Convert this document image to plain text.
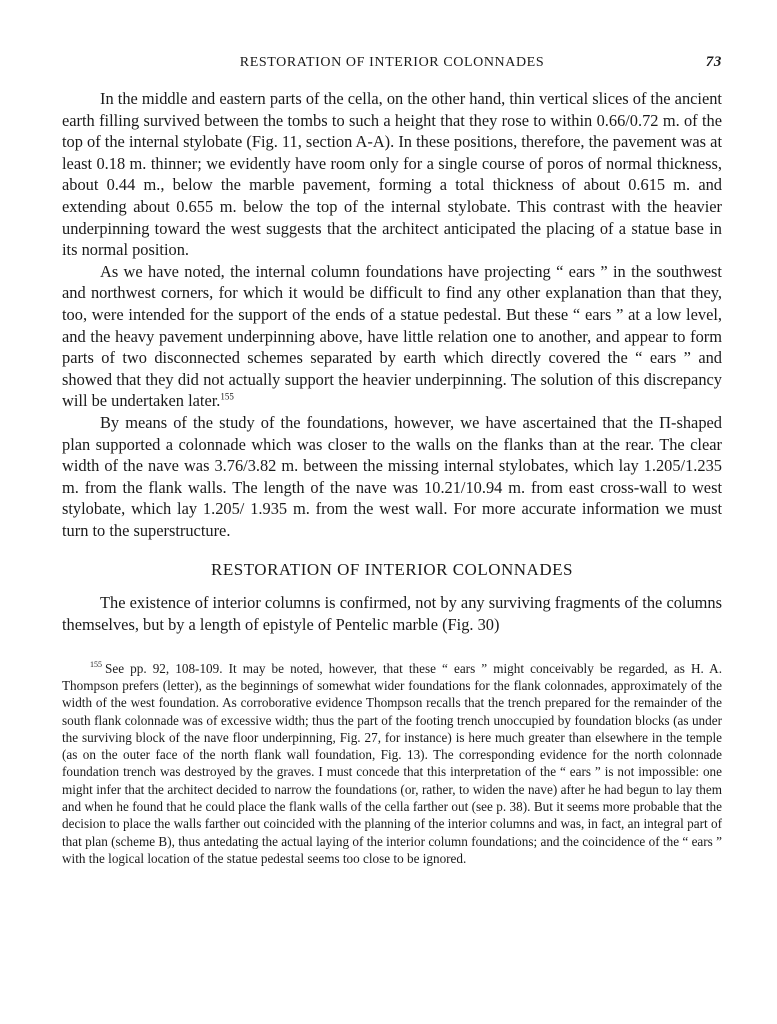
RESTORATION OF INTERIOR COLONNADES	73

In the middle and eastern parts of the cella, on the other hand, thin vertical slices of the ancient earth filling survived between the tombs to such a height that they rose to within 0.66/0.72 m. of the top of the internal stylobate (Fig. 11, section A-A). In these positions, therefore, the pavement was at least 0.18 m. thinner; we evidently have room only for a single course of poros of normal thickness, about 0.44 m., below the marble pavement, forming a total thickness of about 0.615 m. and extending about 0.655 m. below the top of the internal stylobate. This contrast with the heavier underpinning toward the west suggests that the architect anticipated the placing of a statue base in its normal position.

As we have noted, the internal column foundations have projecting “ ears ” in the southwest and northwest corners, for which it would be difficult to find any other explanation than that they, too, were intended for the support of the ends of a statue pedestal. But these “ ears ” at a low level, and the heavy pavement underpinning above, have little relation one to another, and appear to form parts of two disconnected schemes separated by earth which directly covered the “ ears ” and showed that they did not actually support the heavier underpinning. The solution of this discrepancy will be undertaken later.$^{155}$

By means of the study of the foundations, however, we have ascertained that the Π-shaped plan supported a colonnade which was closer to the walls on the flanks than at the rear. The clear width of the nave was 3.76/3.82 m. between the missing internal stylobates, which lay 1.205/1.235 m. from the flank walls. The length of the nave was 10.21/10.94 m. from east cross-wall to west stylobate, which lay 1.205/ 1.935 m. from the west wall. For more accurate information we must turn to the superstructure.

RESTORATION OF INTERIOR COLONNADES

The existence of interior columns is confirmed, not by any surviving fragments of the columns themselves, but by a length of epistyle of Pentelic marble (Fig. 30)

$^{155}$ See pp. 92, 108-109. It may be noted, however, that these “ ears ” might conceivably be regarded, as H. A. Thompson prefers (letter), as the beginnings of somewhat wider foundations for the flank colonnades, approximately of the width of the west foundation. As corroborative evidence Thompson recalls that the trench prepared for the remainder of the south flank colonnade was of excessive width; thus the part of the footing trench unoccupied by foundation blocks (as under the surviving block of the nave floor underpinning, Fig. 27, for instance) is here much greater than elsewhere in the temple (as on the outer face of the north flank wall foundation, Fig. 13). The corresponding evidence for the north colonnade foundation trench was destroyed by the graves. I must concede that this interpretation of the “ ears ” is not impossible: one might infer that the architect decided to narrow the foundations (or, rather, to widen the nave) after he had begun to lay them and when he found that he could place the flank walls of the cella farther out (see p. 38). But it seems more probable that the decision to place the walls farther out coincided with the planning of the interior columns and was, in fact, an integral part of that plan (scheme B), thus antedating the actual laying of the interior column foundations; and the coincidence of the “ ears ” with the logical location of the statue pedestal seems too close to be ignored.
